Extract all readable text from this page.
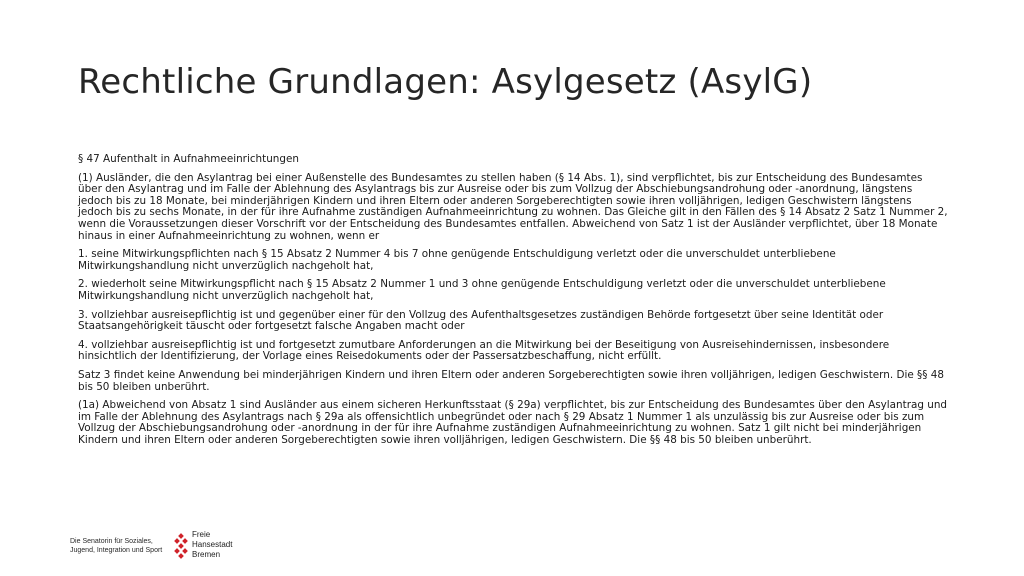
Rechtliche Grundlagen: Asylgesetz (AsylG)

§ 47 Aufenthalt in Aufnahmeeinrichtungen

(1) Ausländer, die den Asylantrag bei einer Außenstelle des Bundesamtes zu stellen haben (§ 14 Abs. 1), sind verpflichtet, bis zur Entscheidung des Bundesamtes über den Asylantrag und im Falle der Ablehnung des Asylantrags bis zur Ausreise oder bis zum Vollzug der Abschiebungsandrohung oder -anordnung, längstens jedoch bis zu 18 Monate, bei minderjährigen Kindern und ihren Eltern oder anderen Sorgeberechtigten sowie ihren volljährigen, ledigen Geschwistern längstens jedoch bis zu sechs Monate, in der für ihre Aufnahme zuständigen Aufnahmeeinrichtung zu wohnen. Das Gleiche gilt in den Fällen des § 14 Absatz 2 Satz 1 Nummer 2, wenn die Voraussetzungen dieser Vorschrift vor der Entscheidung des Bundesamtes entfallen. Abweichend von Satz 1 ist der Ausländer verpflichtet, über 18 Monate hinaus in einer Aufnahmeeinrichtung zu wohnen, wenn er

1. seine Mitwirkungspflichten nach § 15 Absatz 2 Nummer 4 bis 7 ohne genügende Entschuldigung verletzt oder die unverschuldet unterbliebene Mitwirkungshandlung nicht unverzüglich nachgeholt hat,

2. wiederholt seine Mitwirkungspflicht nach § 15 Absatz 2 Nummer 1 und 3 ohne genügende Entschuldigung verletzt oder die unverschuldet unterbliebene Mitwirkungshandlung nicht unverzüglich nachgeholt hat,

3. vollziehbar ausreisepflichtig ist und gegenüber einer für den Vollzug des Aufenthaltsgesetzes zuständigen Behörde fortgesetzt über seine Identität oder Staatsangehörigkeit täuscht oder fortgesetzt falsche Angaben macht oder

4. vollziehbar ausreisepflichtig ist und fortgesetzt zumutbare Anforderungen an die Mitwirkung bei der Beseitigung von Ausreisehindernissen, insbesondere hinsichtlich der Identifizierung, der Vorlage eines Reisedokuments oder der Passersatzbeschaffung, nicht erfüllt.

Satz 3 findet keine Anwendung bei minderjährigen Kindern und ihren Eltern oder anderen Sorgeberechtigten sowie ihren volljährigen, ledigen Geschwistern. Die §§ 48 bis 50 bleiben unberührt.

(1a) Abweichend von Absatz 1 sind Ausländer aus einem sicheren Herkunftsstaat (§ 29a) verpflichtet, bis zur Entscheidung des Bundesamtes über den Asylantrag und im Falle der Ablehnung des Asylantrags nach § 29a als offensichtlich unbegründet oder nach § 29 Absatz 1 Nummer 1 als unzulässig bis zur Ausreise oder bis zum Vollzug der Abschiebungsandrohung oder -anordnung in der für ihre Aufnahme zuständigen Aufnahmeeinrichtung zu wohnen. Satz 1 gilt nicht bei minderjährigen Kindern und ihren Eltern oder anderen Sorgeberechtigten sowie ihren volljährigen, ledigen Geschwistern. Die §§ 48 bis 50 bleiben unberührt.

Die Senatorin für Soziales,
Jugend, Integration und Sport
Freie
Hansestadt
Bremen
